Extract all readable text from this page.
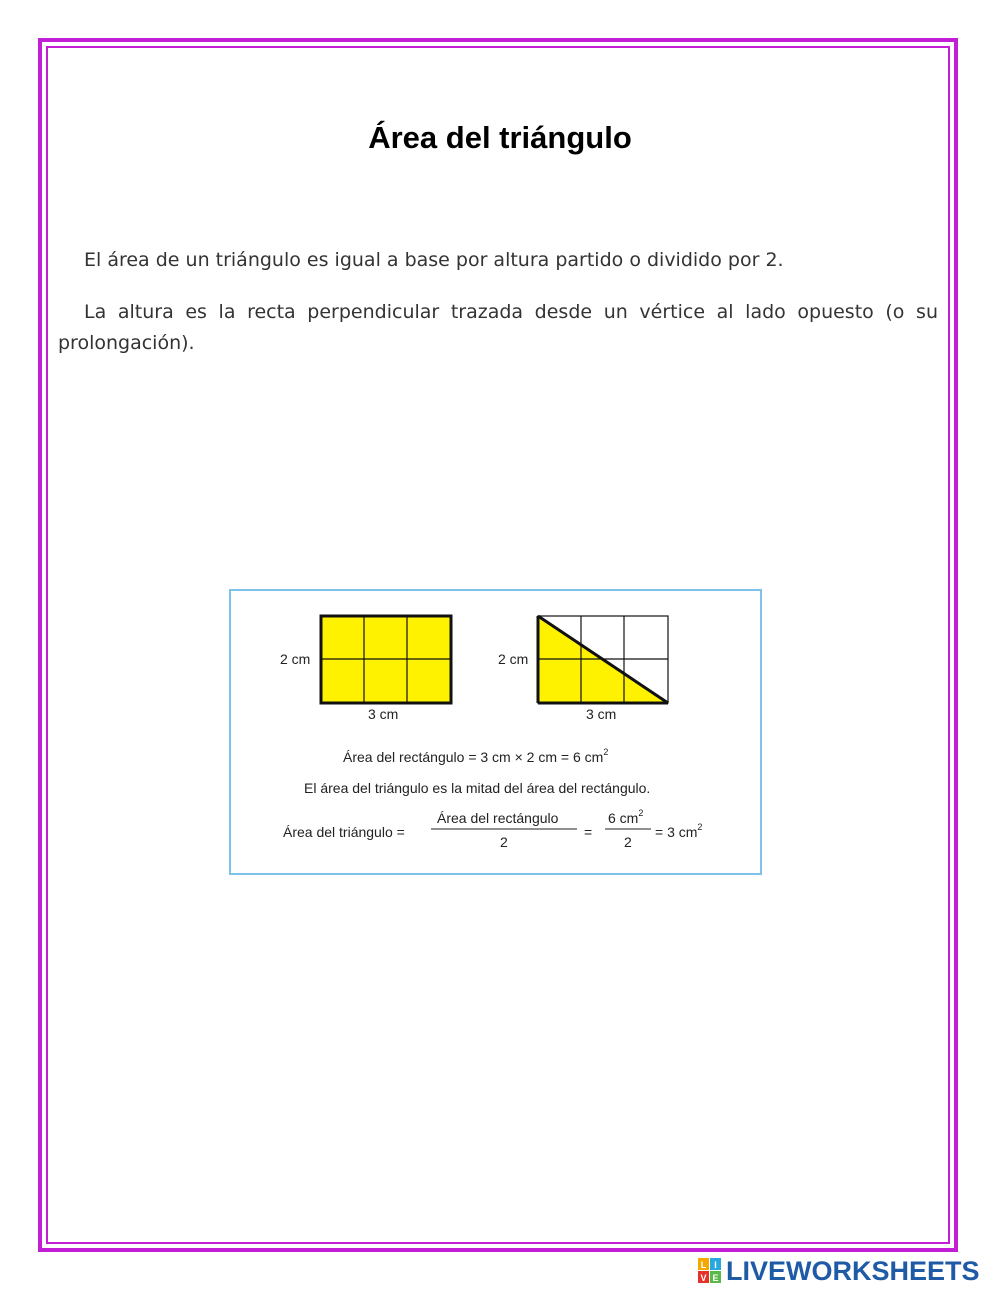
Área del triángulo

El área de un triángulo es igual a base por altura partido o dividido por 2.

La altura es la recta perpendicular trazada desde un vértice al lado opuesto (o su prolongación).

2 cm
3 cm
2 cm
3 cm
Área del rectángulo = 3 cm × 2 cm = 6 $cm^2$
El área del triángulo es la mitad del área del rectángulo.
Área del triángulo =
Área del rectángulo
2
=
6 $cm^2$
2
= 3 $cm^2$
L I
V E LIVEWORKSHEETS
